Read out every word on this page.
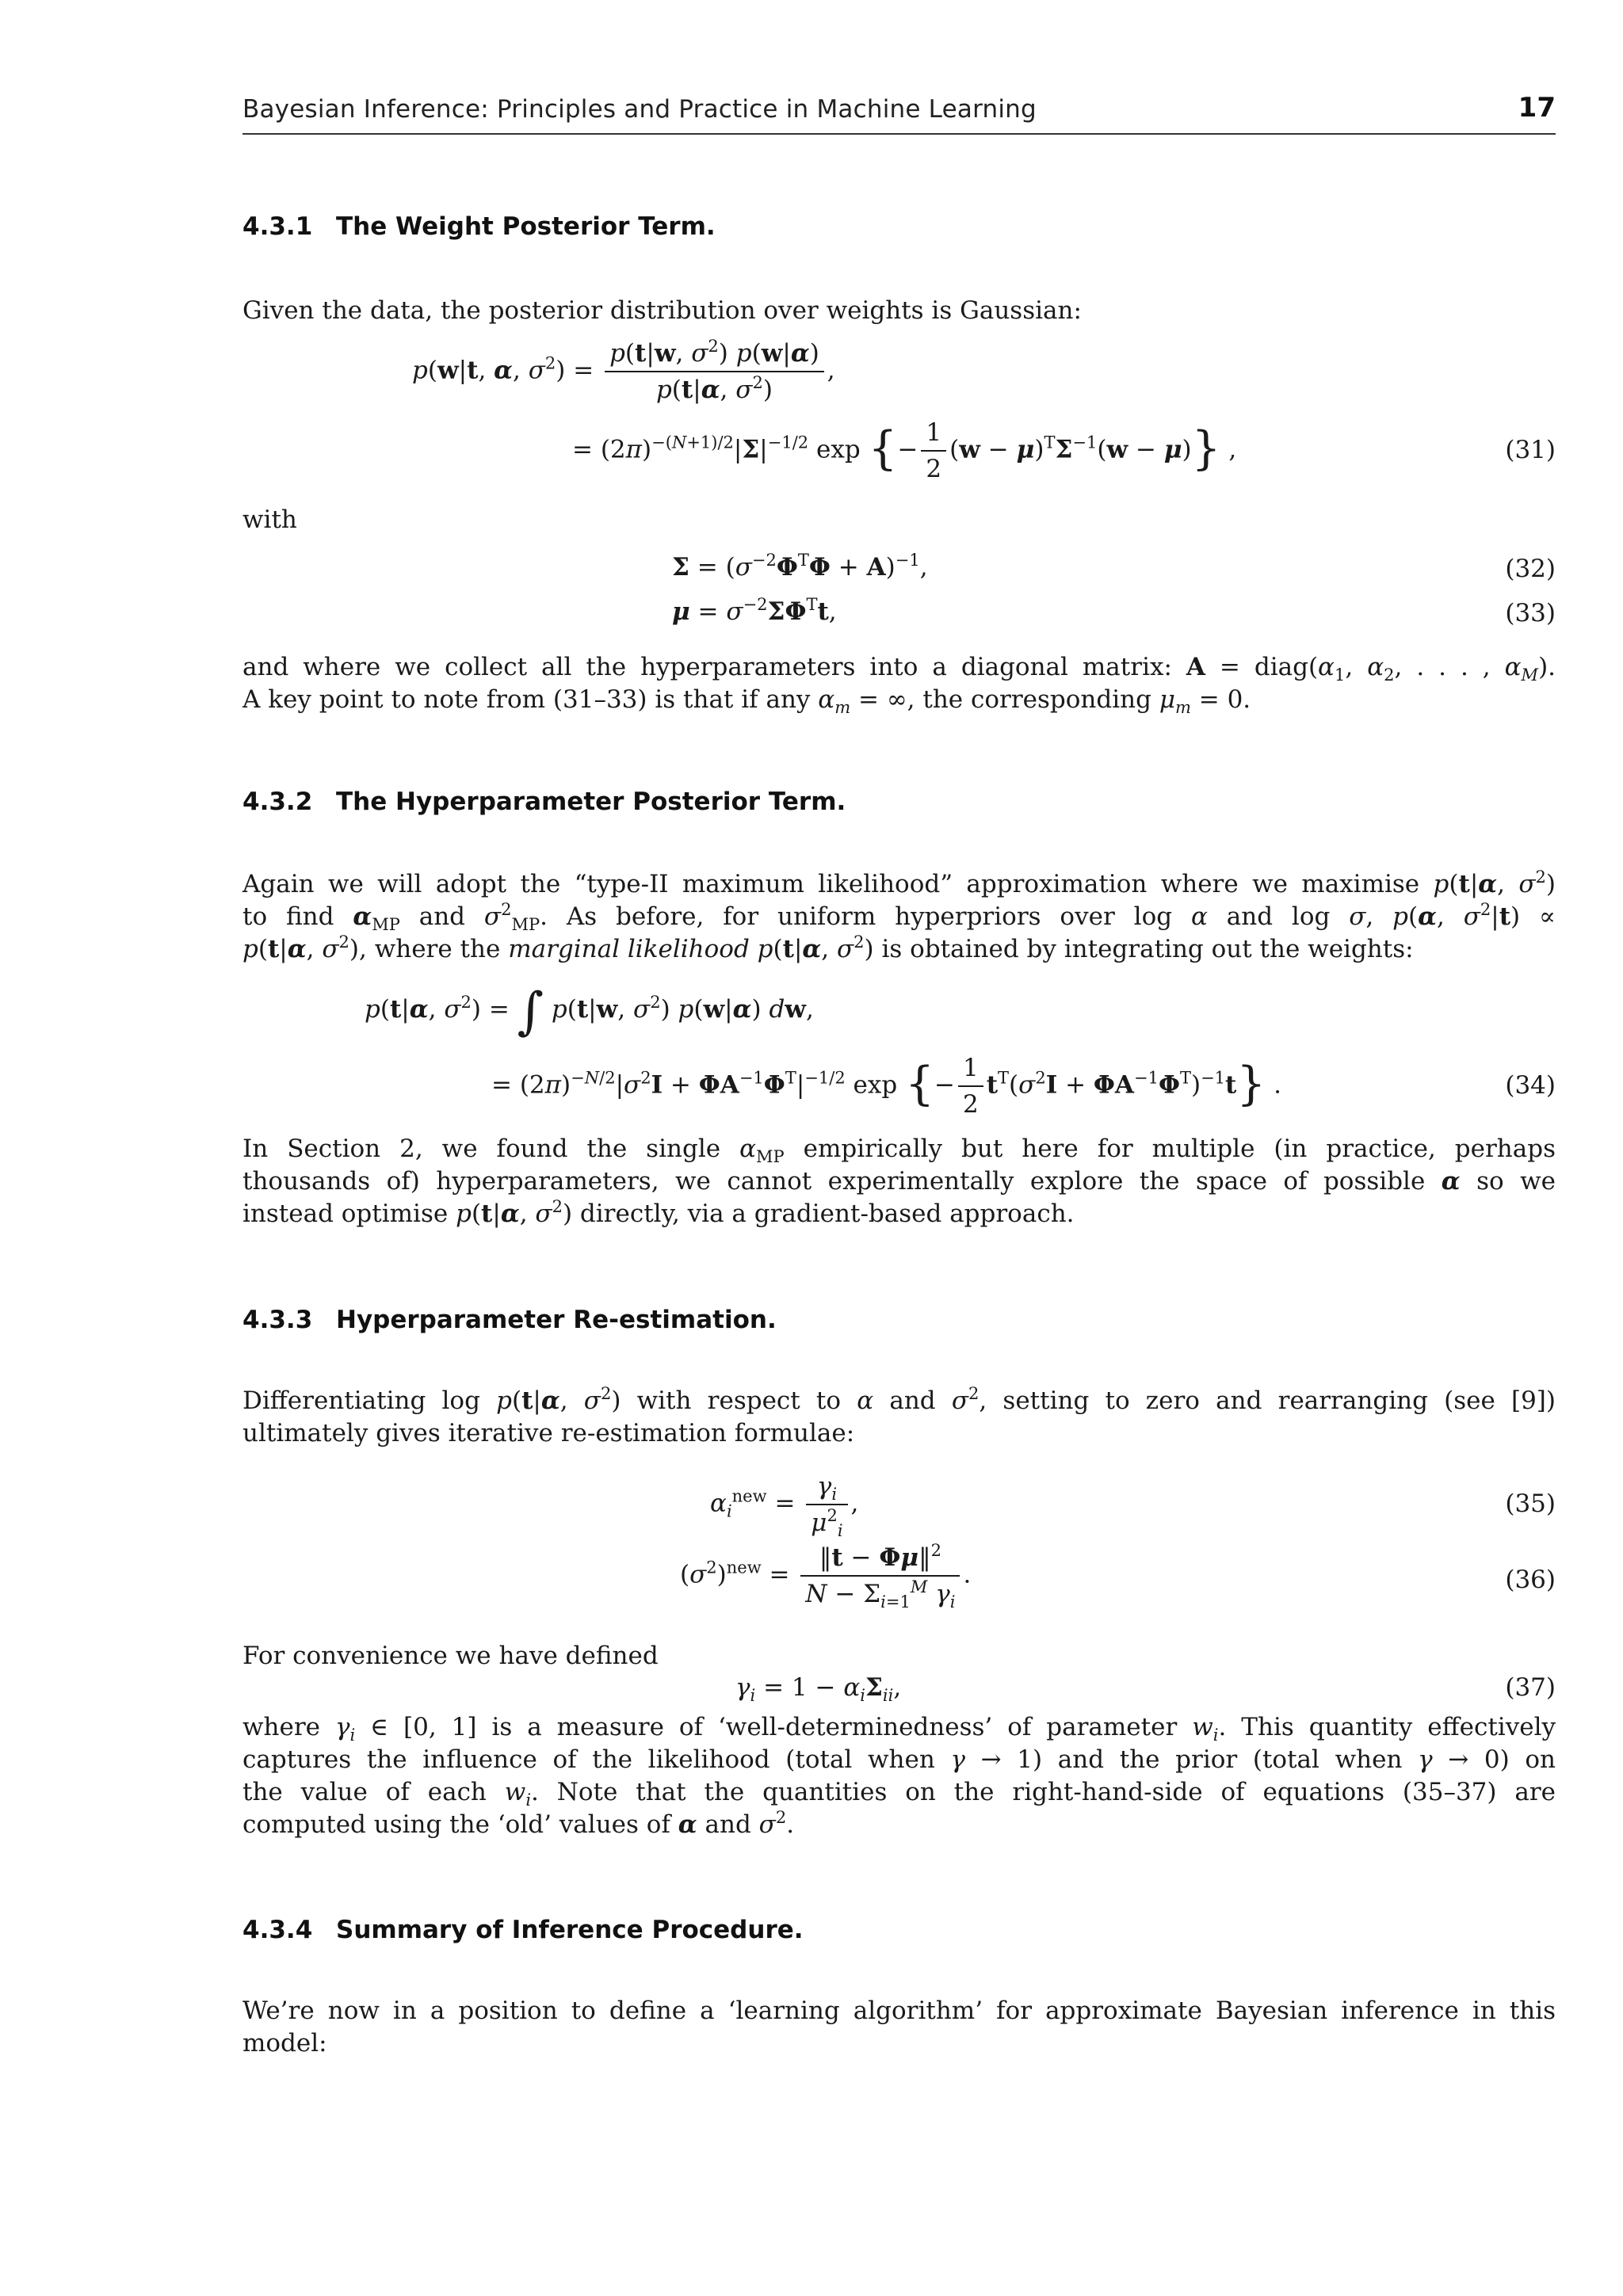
Bayesian Inference: Principles and Practice in Machine Learning	17
4.3.1 The Weight Posterior Term.
Given the data, the posterior distribution over weights is Gaussian:
p(w|t, α, $\sigma^2) = \frac{p(t|w, \sigma^2) p(w|\alpha)}{p(t|\alpha, \sigma^2)}$ ,
= $(2\pi)^{-(N+1)/2}|\Sigma|^{-1/2}$ exp {− $\frac{1}{2} (w - \mu)^T\Sigma^{-1}(w - \mu)$} ,	(31)
with
$\Sigma = (\sigma^{-2}\Phi^T\Phi + A)^{-1}$,	(32)
$\mu = \sigma^{-2}\Sigma\Phi^Tt$,	(33)
and where we collect all the hyperparameters into a diagonal matrix: $A = diag(\alpha_1$, $\alpha_2$, . . . , $\alpha_M$).
A key point to note from (31–33) is that if any $\alpha_m$ = ∞, the corresponding $\mu_m = 0$.
4.3.2 The Hyperparameter Posterior Term.
Again we will adopt the “type-II maximum likelihood” approximation where we maximise p(t|α, $\sigma^2$)
to find $\alpha_{MP}$ and $\sigma^2_{MP}$. As before, for uniform hyperpriors over log α and log σ, p(α, $\sigma^2|t$) ∝
p(t|α, $\sigma^2$), where the marginal likelihood p(t|α, $\sigma^2$) is obtained by integrating out the weights:
p(t|α, $\sigma^2$) = ∫ p(t|w, $\sigma^2$) p(w|α) dw,
= $(2\pi)^{-N/2}|\sigma^2I + \Phi A^{-1}\Phi^T|^{-1/2}$ exp {− $\frac{1}{2} t^T(\sigma^2I + \Phi A^{-1}\Phi^T)^{-1}t$} .	(34)
In Section 2, we found the single $\alpha_{MP}$ empirically but here for multiple (in practice, perhaps
thousands of) hyperparameters, we cannot experimentally explore the space of possible α so we
instead optimise p(t|α, $\sigma^2$) directly, via a gradient-based approach.
4.3.3 Hyperparameter Re-estimation.
Differentiating log p(t|α, $\sigma^2$) with respect to α and $\sigma^2$, setting to zero and rearranging (see [9])
ultimately gives iterative re-estimation formulae:
$\alpha_i^{new} = \frac{\gamma_i}{\mu^2_i}$ ,	(35)
$(\sigma^2)^{new} = \frac{‖t - \Phi\mu‖^2}{N - \Sigma_{i=1}^M \gamma_i}$ .	(36)
For convenience we have defined
$\gamma_i = 1 - \alpha_i\Sigma_{ii}$,	(37)
where $\gamma_i$ ∈ [0, 1] is a measure of ‘well-determinedness’ of parameter $w_i$. This quantity effectively
captures the influence of the likelihood (total when γ → 1) and the prior (total when γ → 0) on
the value of each $w_i$. Note that the quantities on the right-hand-side of equations (35–37) are
computed using the ‘old’ values of α and $\sigma^2$.
4.3.4 Summary of Inference Procedure.
We’re now in a position to define a ‘learning algorithm’ for approximate Bayesian inference in this
model:
